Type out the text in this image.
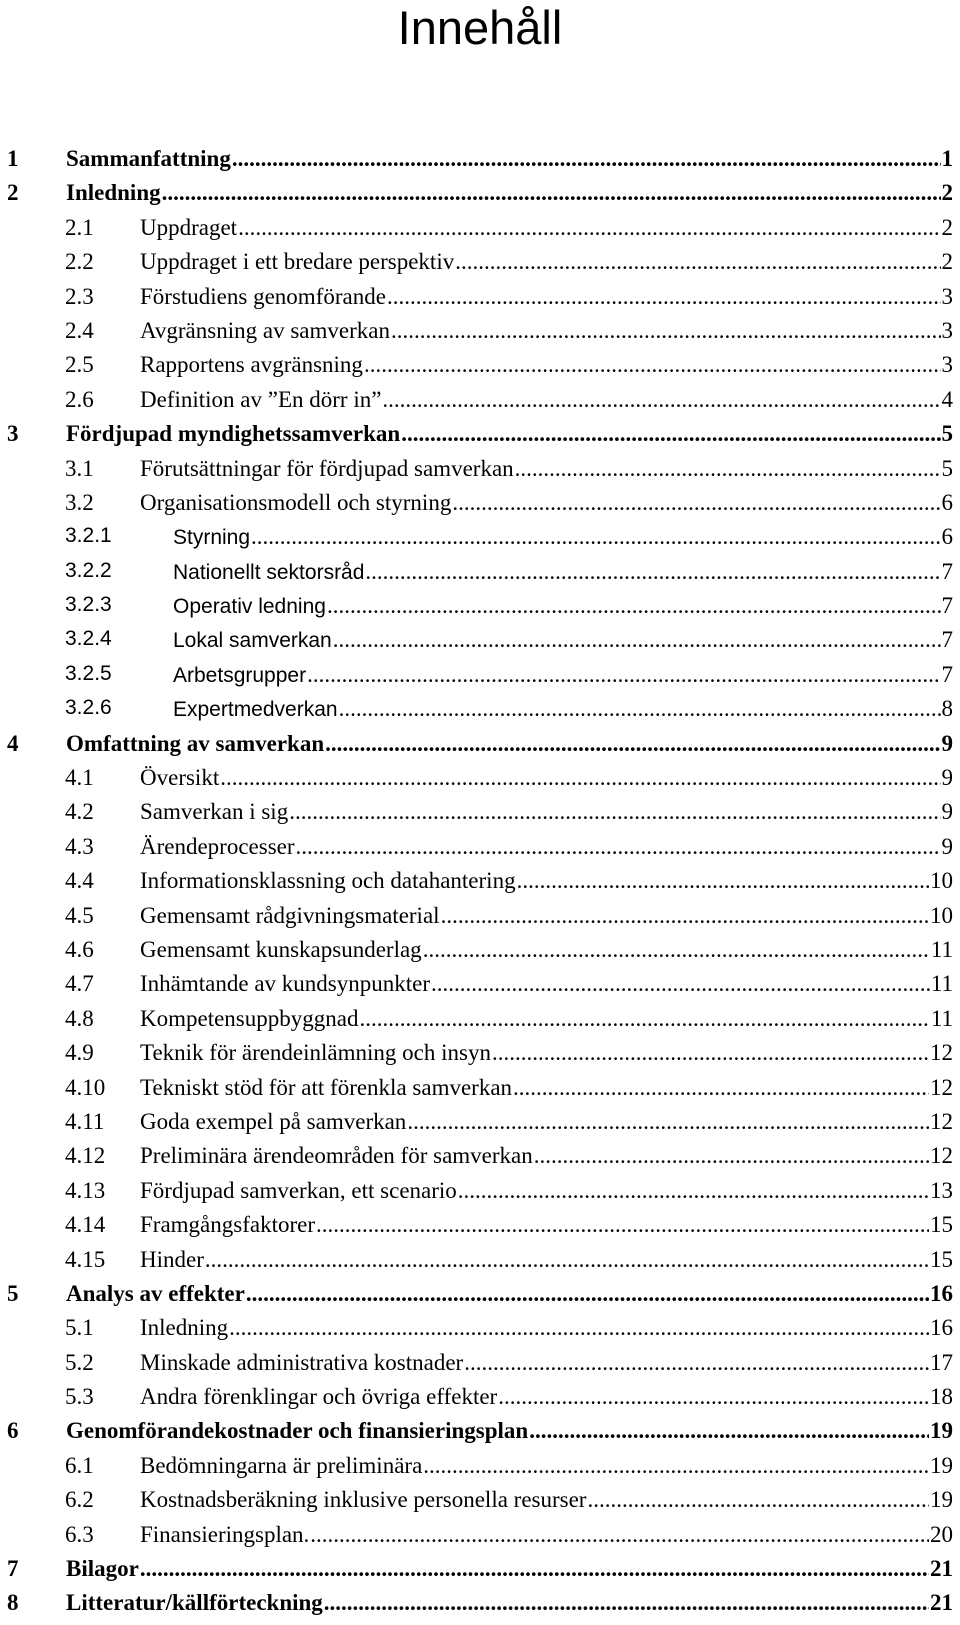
Innehåll
1 Sammanfattning .....	1
2 Inledning .....	2
2.1 Uppdraget .....	2
2.2 Uppdraget i ett bredare perspektiv .....	2
2.3 Förstudiens genomförande .....	3
2.4 Avgränsning av samverkan .....	3
2.5 Rapportens avgränsning .....	3
2.6 Definition av ”En dörr in” .....	4
3 Fördjupad myndighetssamverkan .....	5
3.1 Förutsättningar för fördjupad samverkan .....	5
3.2 Organisationsmodell och styrning .....	6
3.2.1	Styrning .....	6
3.2.2	Nationellt sektorsråd .....	7
3.2.3	Operativ ledning .....	7
3.2.4	Lokal samverkan .....	7
3.2.5	Arbetsgrupper .....	7
3.2.6	Expertmedverkan .....	8
4 Omfattning av samverkan .....	9
4.1 Översikt .....	9
4.2 Samverkan i sig .....	9
4.3 Ärendeprocesser .....	9
4.4 Informationsklassning och datahantering .....	10
4.5 Gemensamt rådgivningsmaterial .....	10
4.6 Gemensamt kunskapsunderlag .....	11
4.7 Inhämtande av kundsynpunkter .....	11
4.8 Kompetensuppbyggnad .....	11
4.9 Teknik för ärendeinlämning och insyn .....	12
4.10 Tekniskt stöd för att förenkla samverkan .....	12
4.11 Goda exempel på samverkan .....	12
4.12 Preliminära ärendeområden för samverkan .....	12
4.13 Fördjupad samverkan, ett scenario .....	13
4.14 Framgångsfaktorer .....	15
4.15 Hinder .....	15
5 Analys av effekter .....	16
5.1 Inledning .....	16
5.2 Minskade administrativa kostnader .....	17
5.3 Andra förenklingar och övriga effekter .....	18
6 Genomförandekostnader och finansieringsplan .....	19
6.1 Bedömningarna är preliminära .....	19
6.2 Kostnadsberäkning inklusive personella resurser .....	19
6.3 Finansieringsplan. .....	20
7 Bilagor .....	21
8 Litteratur/källförteckning .....	21
